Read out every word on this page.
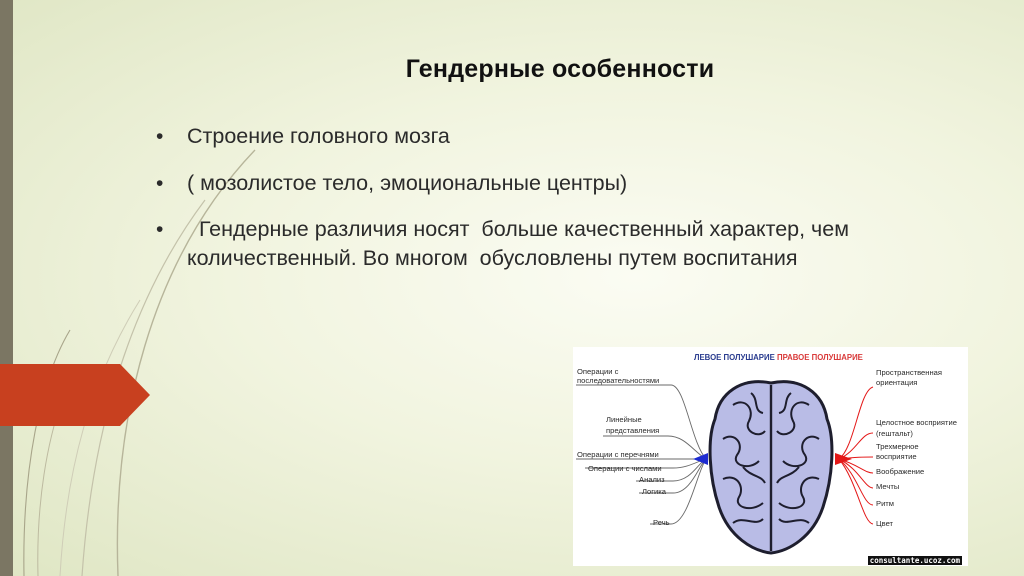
Гендерные особенности
• Строение головного мозга
• ( мозолистое тело, эмоциональные центры)
• Гендерные различия носят  больше качественный характер, чем количественный. Во многом  обусловлены путем воспитания
ЛЕВОЕ ПОЛУШАРИЕ ПРАВОЕ ПОЛУШАРИЕ
Операции с
последовательностями
Линейные
представления
Операции с перечнями
Операции с числами
Анализ
Логика
Речь
Пространственная
ориентация
Целостное восприятие
(гештальт)
Трехмерное
восприятие
Воображение
Мечты
Ритм
Цвет
consultante.ucoz.com
